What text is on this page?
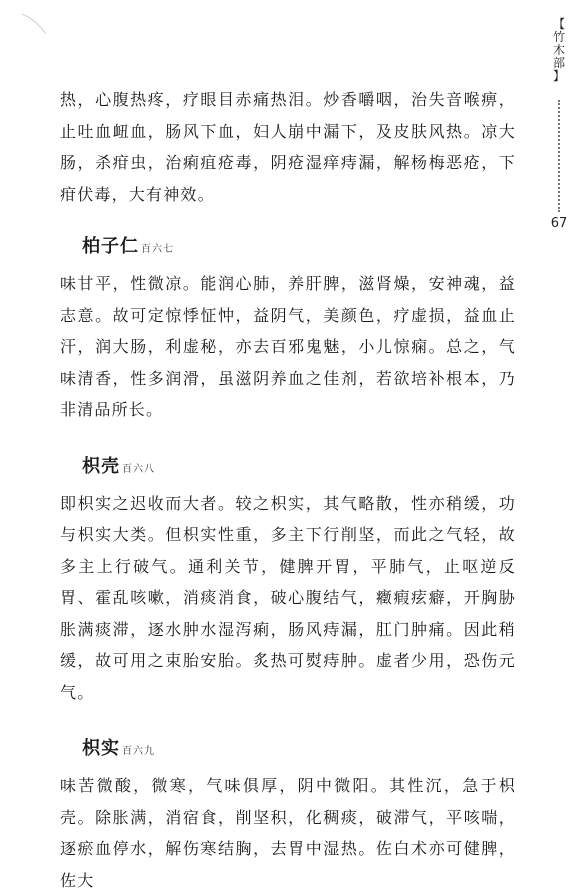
热，心腹热疼，疗眼目赤痛热泪。炒香嚼咽，治失音喉痹，止吐血衄血，肠风下血，妇人崩中漏下，及皮肤风热。凉大肠，杀疳虫，治痢疽疮毒，阴疮湿痒痔漏，解杨梅恶疮，下疳伏毒，大有神效。

柏子仁 百六七

味甘平，性微凉。能润心肺，养肝脾，滋肾燥，安神魂，益志意。故可定惊悸怔忡，益阴气，美颜色，疗虚损，益血止汗，润大肠，利虚秘，亦去百邪鬼魅，小儿惊痫。总之，气味清香，性多润滑，虽滋阴养血之佳剂，若欲培补根本，乃非清品所长。

枳壳 百六八

即枳实之迟收而大者。较之枳实，其气略散，性亦稍缓，功与枳实大类。但枳实性重，多主下行削坚，而此之气轻，故多主上行破气。通利关节，健脾开胃，平肺气，止呕逆反胃、霍乱咳嗽，消痰消食，破心腹结气，癥瘕痃癖，开胸胁胀满痰滞，逐水肿水湿泻痢，肠风痔漏，肛门肿痛。因此稍缓，故可用之束胎安胎。炙热可熨痔肿。虚者少用，恐伤元气。

枳实 百六九

味苦微酸，微寒，气味俱厚，阴中微阳。其性沉，急于枳壳。除胀满，消宿食，削坚积，化稠痰，破滞气，平咳喘，逐瘀血停水，解伤寒结胸，去胃中湿热。佐白术亦可健脾，佐大

【
竹
木
部
】
67
